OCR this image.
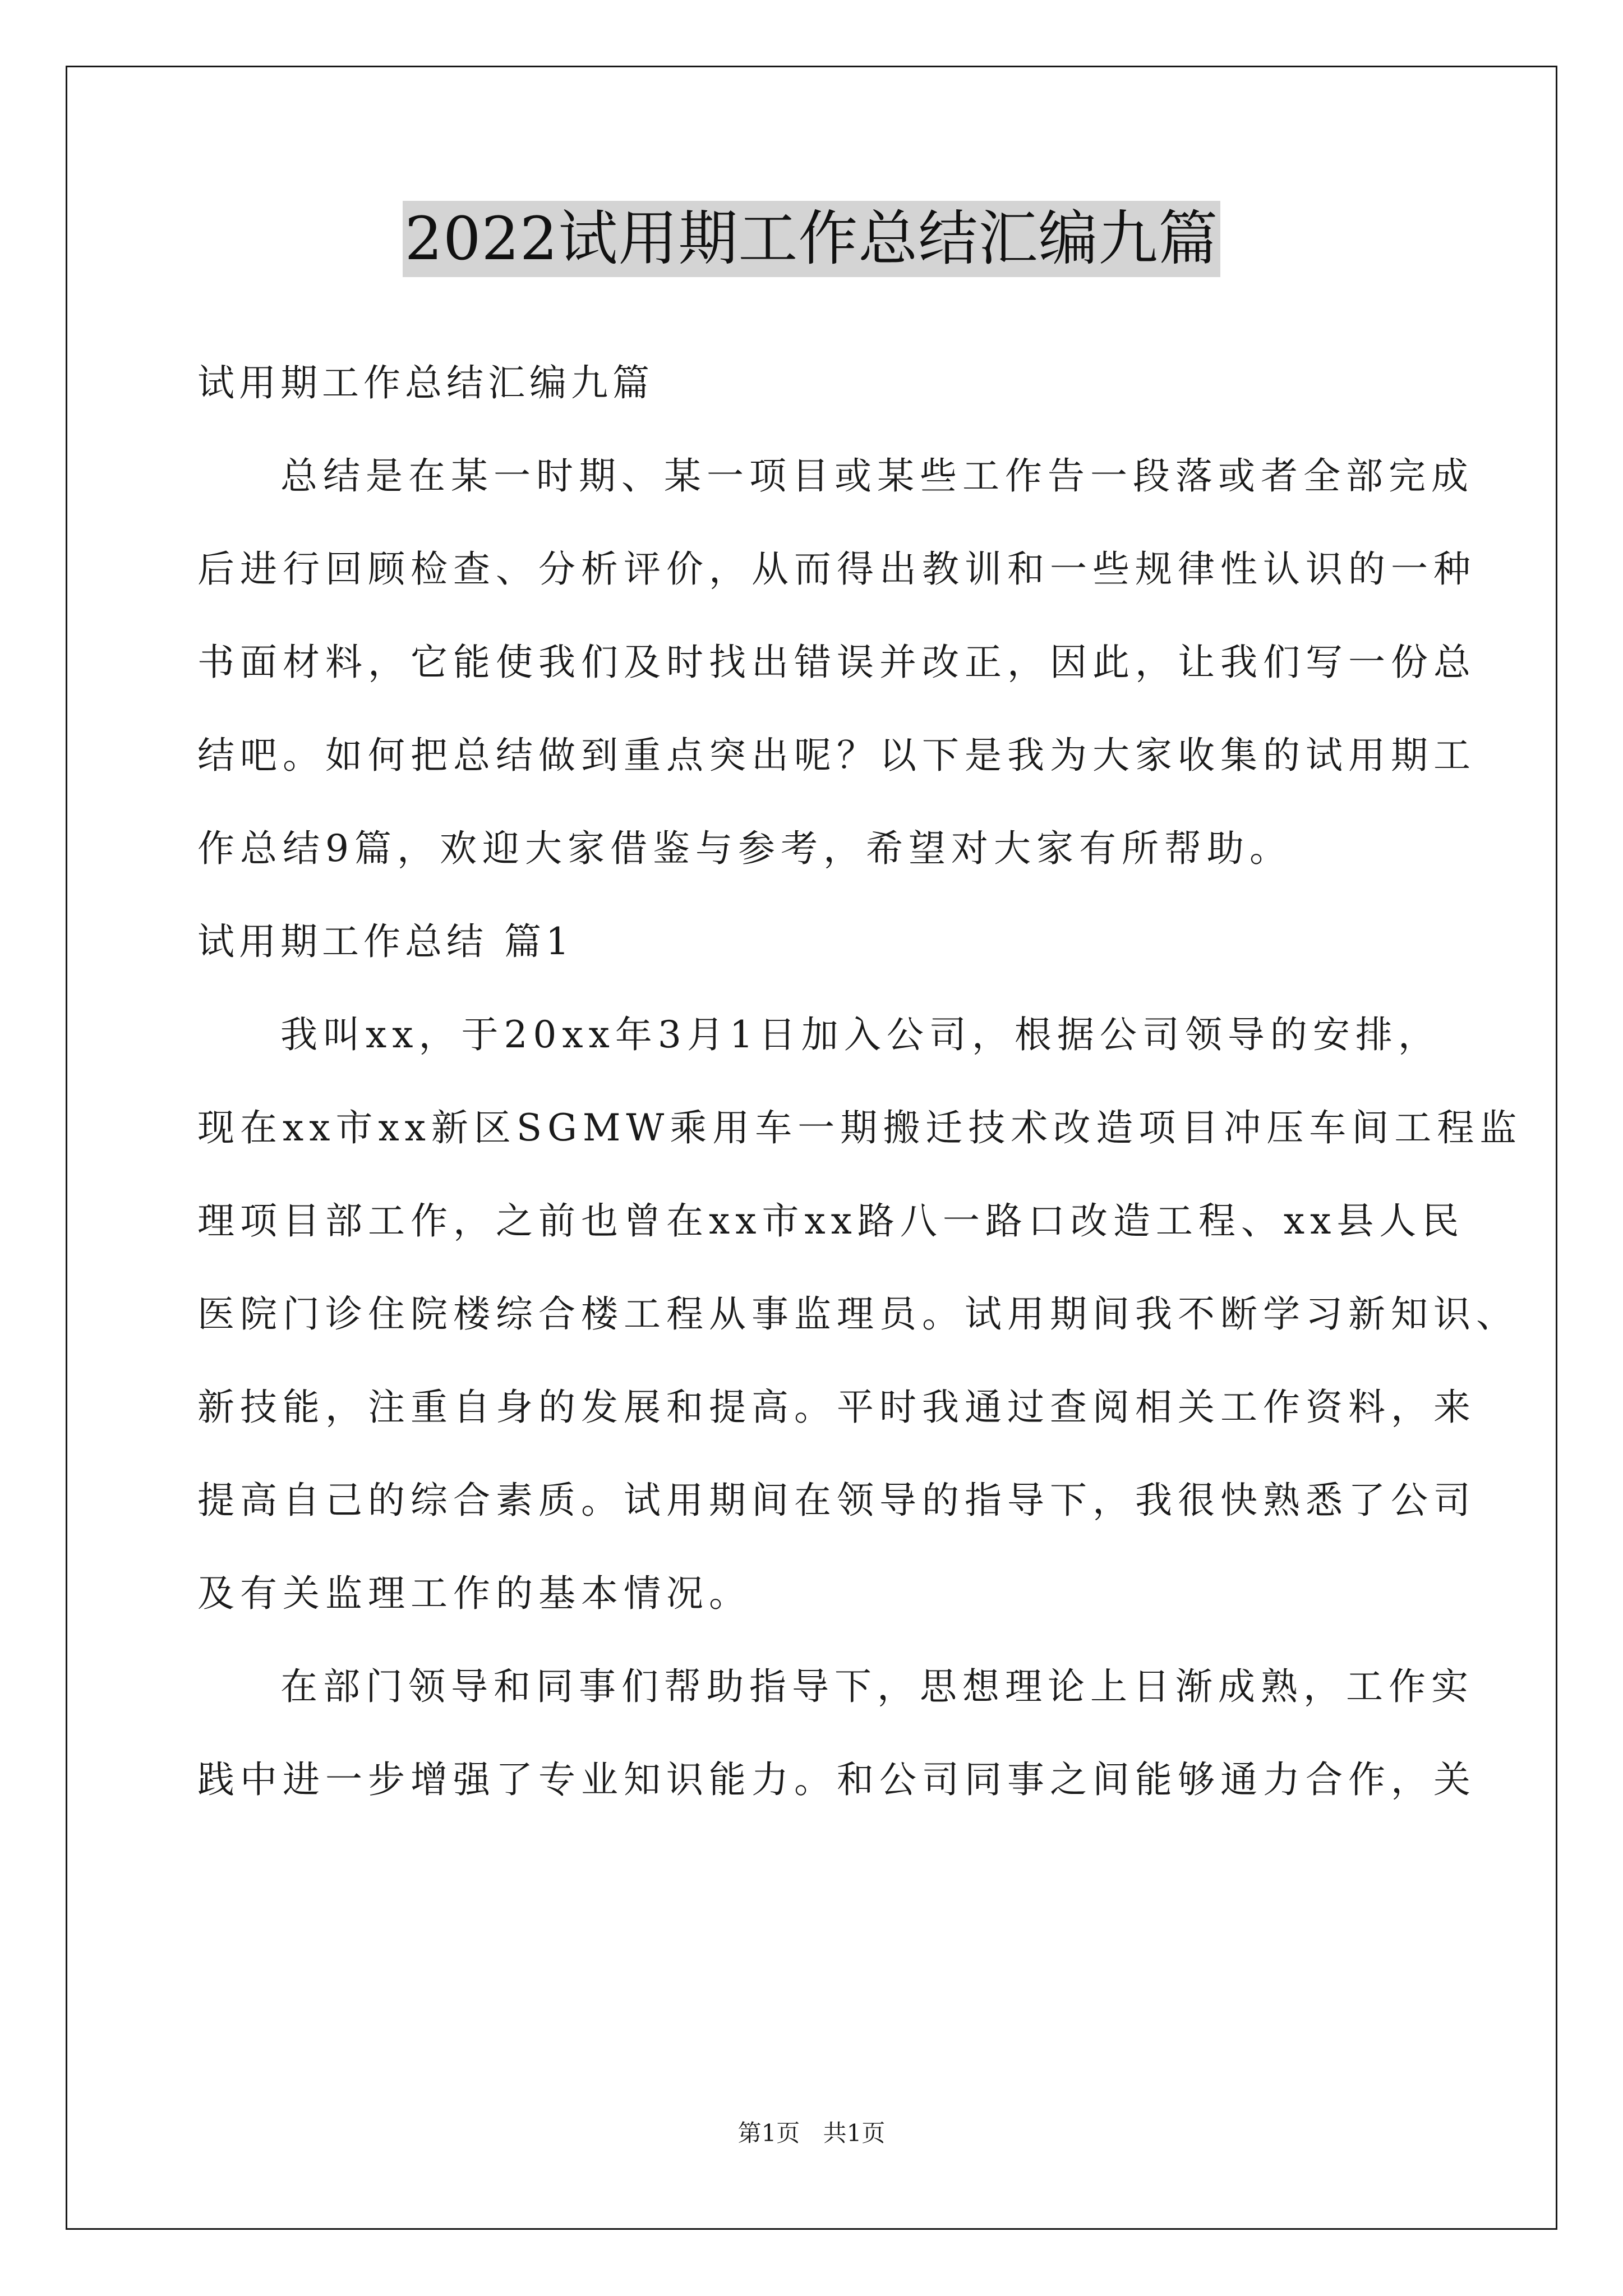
2022试用期工作总结汇编九篇
试用期工作总结汇编九篇
总结是在某一时期、某一项目或某些工作告一段落或者全部完成
后进行回顾检查、分析评价，从而得出教训和一些规律性认识的一种
书面材料，它能使我们及时找出错误并改正，因此，让我们写一份总
结吧。如何把总结做到重点突出呢？以下是我为大家收集的试用期工
作总结9篇，欢迎大家借鉴与参考，希望对大家有所帮助。
试用期工作总结 篇1
我叫xx，于20xx年3月1日加入公司，根据公司领导的安排，
现在xx市xx新区SGMW乘用车一期搬迁技术改造项目冲压车间工程监
理项目部工作，之前也曾在xx市xx路八一路口改造工程、xx县人民
医院门诊住院楼综合楼工程从事监理员。试用期间我不断学习新知识、
新技能，注重自身的发展和提高。平时我通过查阅相关工作资料，来
提高自己的综合素质。试用期间在领导的指导下，我很快熟悉了公司
及有关监理工作的基本情况。
在部门领导和同事们帮助指导下，思想理论上日渐成熟，工作实
践中进一步增强了专业知识能力。和公司同事之间能够通力合作，关
第1页 共1页
